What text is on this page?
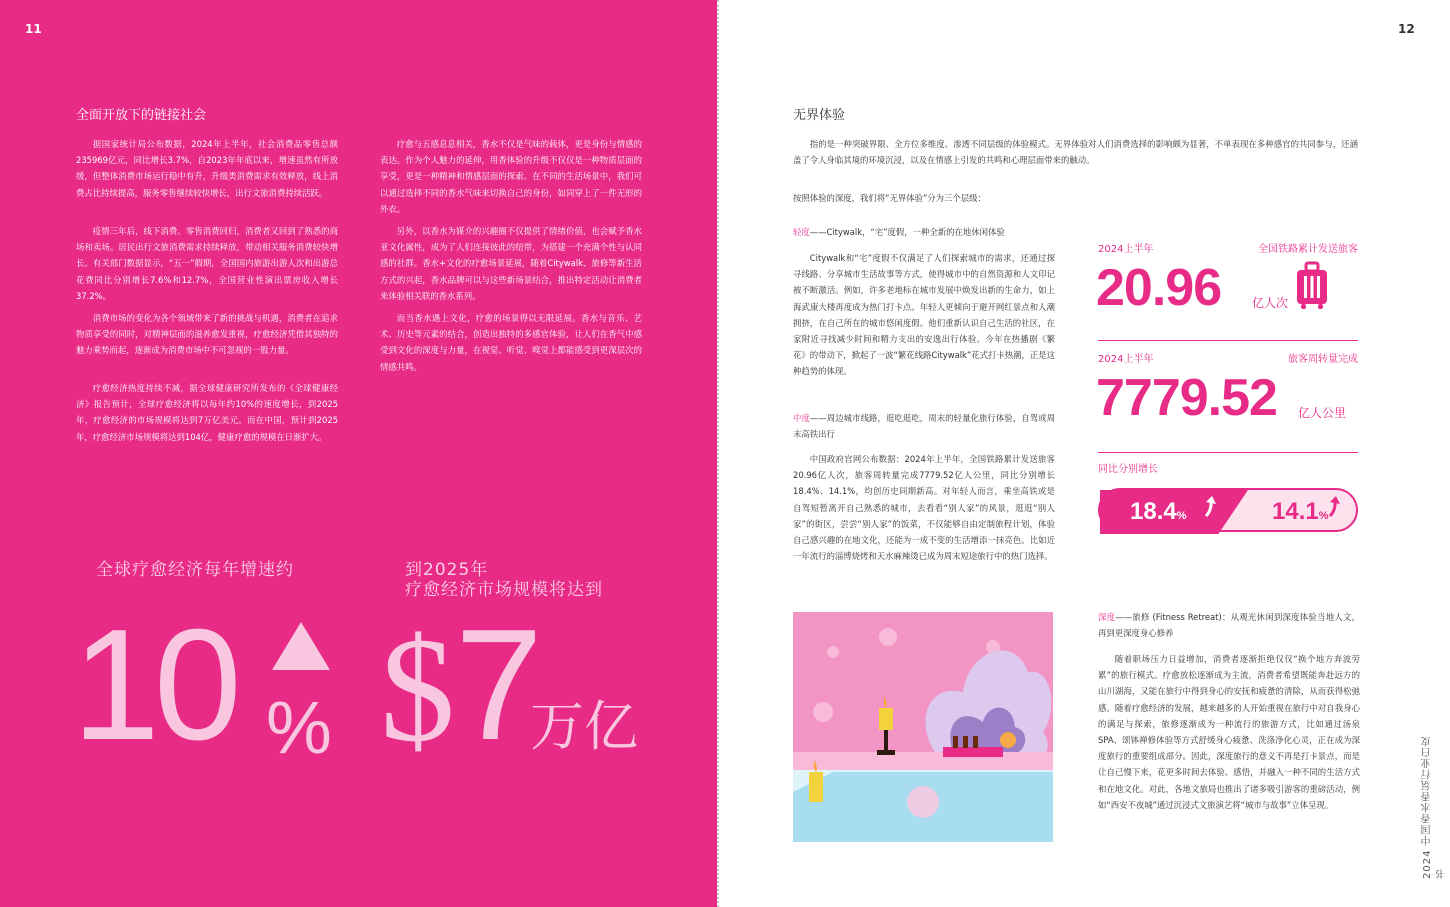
11
全面开放下的链接社会

据国家统计局公布数据，2024年上半年，社会消费品零售总额235969亿元，同比增长3.7%，自2023年年底以来，增速虽然有所放缓，但整体消费市场运行稳中有升，升级类消费需求有效释放，线上消费占比持续提高，服务零售继续较快增长，出行文旅消费持续活跃。

疫情三年后，线下消费、零售消费回归，消费者又回到了熟悉的商场和卖场。居民出行文旅消费需求持续释放，带动相关服务消费较快增长。有关部门数据显示，“五一”假期，全国国内旅游出游人次和出游总花费同比分别增长7.6%和12.7%，全国营业性演出票房收入增长37.2%。

消费市场的变化为各个领域带来了新的挑战与机遇，消费者在追求物质享受的同时，对精神层面的滋养愈发重视，疗愈经济凭借其独特的魅力乘势而起，逐渐成为消费市场中不可忽视的一股力量。

疗愈经济热度持续不减，据全球健康研究所发布的《全球健康经济》报告预计，全球疗愈经济将以每年约10%的速度增长，到2025年，疗愈经济的市场规模将达到7万亿美元。而在中国，预计到2025年，疗愈经济市场规模将达到104亿，健康疗愈的规模在日渐扩大。

疗愈与五感息息相关，香水不仅是气味的载体，更是身份与情感的表达。作为个人魅力的延伸，用香体验的升级不仅仅是一种物质层面的享受，更是一种精神和情感层面的探索。在不同的生活场景中，我们可以通过选择不同的香水气味来切换自己的身份，如同穿上了一件无形的外衣。

另外，以香水为媒介的兴趣圈不仅提供了情绪价值，也会赋予香水亚文化属性，成为了人们连接彼此的纽带，为搭建一个充满个性与认同感的社群。香水+文化的疗愈场景延展，随着Citywalk、旅修等新生活方式的兴起，香水品牌可以与这些新场景结合，推出特定活动让消费者来体验相关联的香水系列。

而当香水遇上文化，疗愈的场景得以无限延展。香水与音乐、艺术、历史等元素的结合，创造出独特的多感官体验，让人们在香气中感受到文化的深度与力量，在视觉、听觉、嗅觉上都能感受到更深层次的情感共鸣。

全球疗愈经济每年增速约	到2025年
疗愈经济市场规模将达到
10 % $ 7
万亿
12
无界体验

指的是一种突破界限、全方位多维度、渗透不同层级的体验模式。无界体验对人们消费选择的影响颇为显著，不单表现在多种感官的共同参与，还涵盖了令人身临其境的环境沉浸，以及在情感上引发的共鸣和心理层面带来的触动。

按照体验的深度，我们将“无界体验”分为三个层级：

轻度——Citywalk，“宅”度假，一种全新的在地休闲体验

Citywalk和“宅”度假不仅满足了人们探索城市的需求，还通过探寻线路、分享城市生活故事等方式，使得城市中的自然资源和人文印记被不断激活。例如，许多老地标在城市发展中焕发出新的生命力，如上海武康大楼再度成为热门打卡点。年轻人更倾向于避开网红景点和人潮拥挤，在自己所在的城市悠闲度假。他们重新认识自己生活的社区，在家附近寻找减少时间和精力支出的安逸出行体验。今年在热播剧《繁花》的带动下，掀起了一波“繁花线路Citywalk”花式打卡热潮，正是这种趋势的体现。

中度——周边城市线路，逛吃逛吃，周末的轻量化旅行体验，自驾或周末高铁出行

中国政府官网公布数据：2024年上半年，全国铁路累计发送旅客20.96亿人次，旅客周转量完成7779.52亿人公里，同比分别增长18.4%、14.1%，均创历史同期新高。对年轻人而言，乘坐高铁或是自驾短暂离开自己熟悉的城市，去看看“别人家”的风景，逛逛“别人家”的街区，尝尝“别人家”的饭菜，不仅能够自由定制旅程计划，体验自己感兴趣的在地文化，还能为一成不变的生活增添一抹亮色。比如近一年流行的淄博烧烤和天水麻辣烫已成为周末短途旅行中的热门选择。

2024上半年	全国铁路累计发送旅客
20.96	亿人次
2024上半年	旅客周转量完成
7779.52 亿人公里
同比分别增长
18.4%	14.1%

深度——旅修 (Fitness Retreat)：从观光休闲到深度体验当地人文，再到更深度身心修养

随着职场压力日益增加，消费者逐渐拒绝仅仅“换个地方奔波劳累”的旅行模式。疗愈放松逐渐成为主流，消费者希望既能奔赴远方的山川湖海，又能在旅行中得到身心的安抚和疲惫的清除，从而获得松弛感。随着疗愈经济的发展，越来越多的人开始重视在旅行中对自我身心的满足与探索，旅修逐渐成为一种流行的旅游方式，比如通过汤泉SPA、颂钵禅修体验等方式舒缓身心疲惫、洗涤净化心灵，正在成为深度旅行的重要组成部分。因此，深度旅行的意义不再是打卡景点，而是让自己慢下来，花更多时间去体验、感悟，并融入一种不同的生活方式和在地文化。对此，各地文旅局也推出了诸多吸引游客的重磅活动，例如“西安不夜城”通过沉浸式文旅演艺将“城市与故事”立体呈现。	2024 中国香水香氛行业白皮书
